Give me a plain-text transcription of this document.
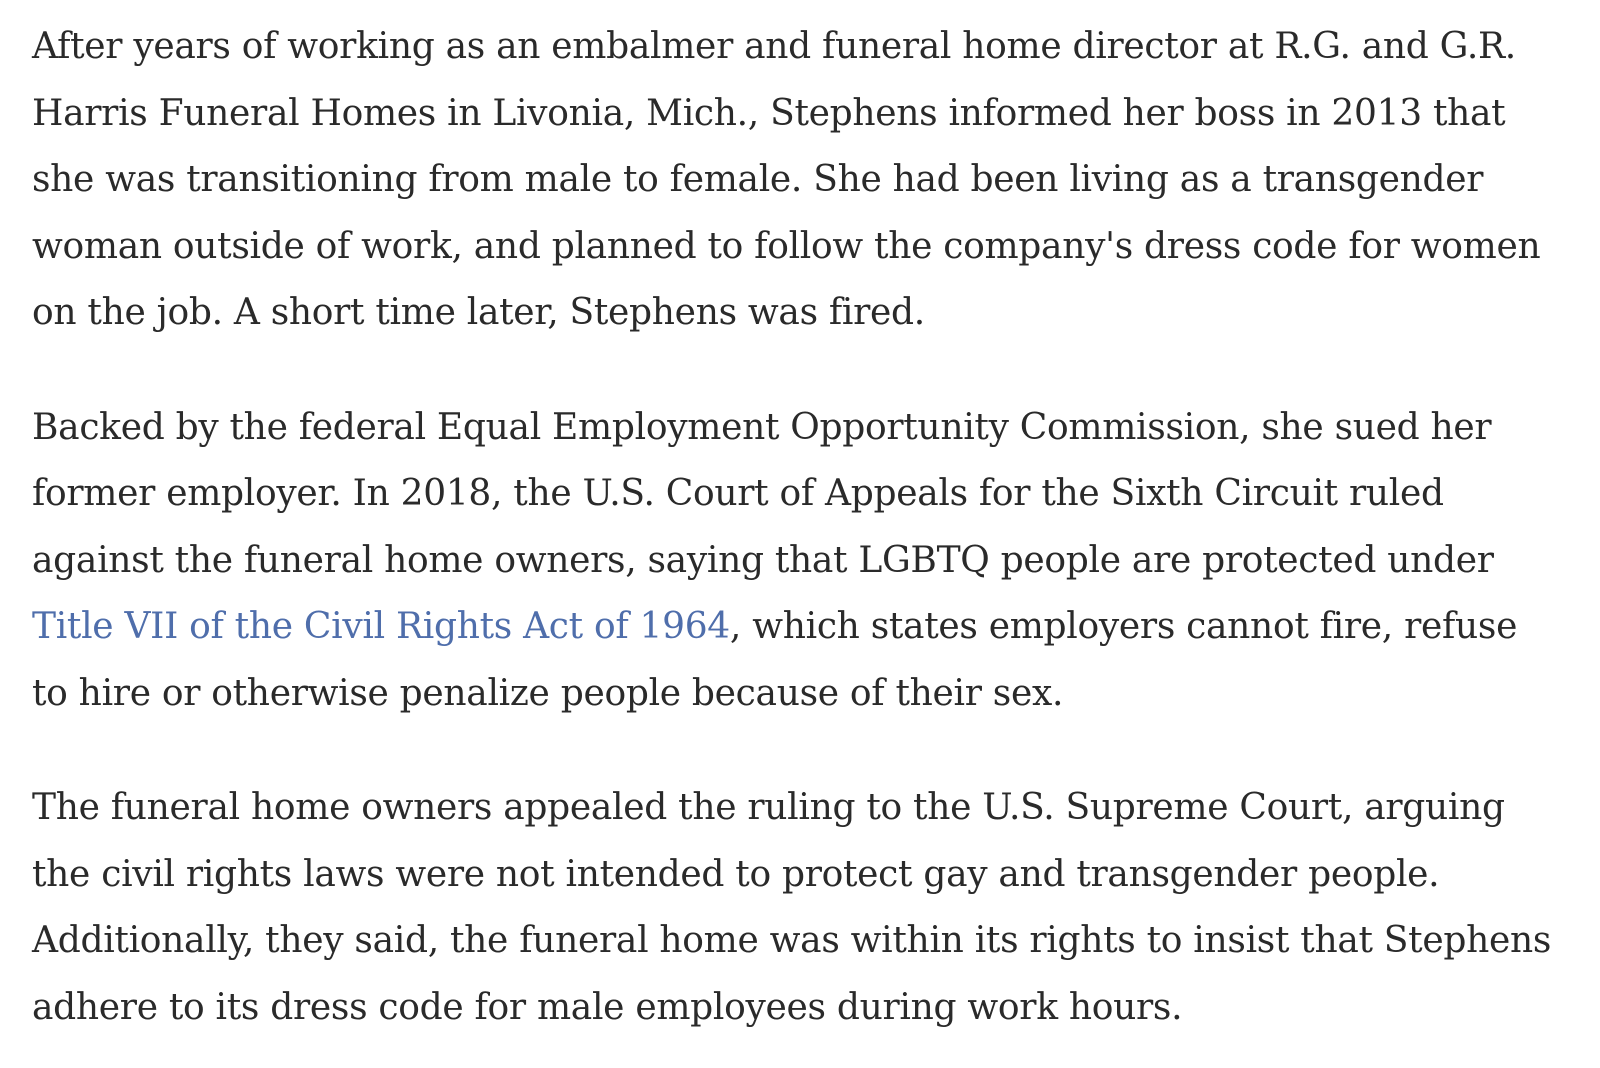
After years of working as an embalmer and funeral home director at R.G. and G.R. Harris Funeral Homes in Livonia, Mich., Stephens informed her boss in 2013 that she was transitioning from male to female. She had been living as a transgender woman outside of work, and planned to follow the company's dress code for women on the job. A short time later, Stephens was fired.

Backed by the federal Equal Employment Opportunity Commission, she sued her former employer. In 2018, the U.S. Court of Appeals for the Sixth Circuit ruled against the funeral home owners, saying that LGBTQ people are protected under Title VII of the Civil Rights Act of 1964, which states employers cannot fire, refuse to hire or otherwise penalize people because of their sex.

The funeral home owners appealed the ruling to the U.S. Supreme Court, arguing the civil rights laws were not intended to protect gay and transgender people. Additionally, they said, the funeral home was within its rights to insist that Stephens adhere to its dress code for male employees during work hours.
